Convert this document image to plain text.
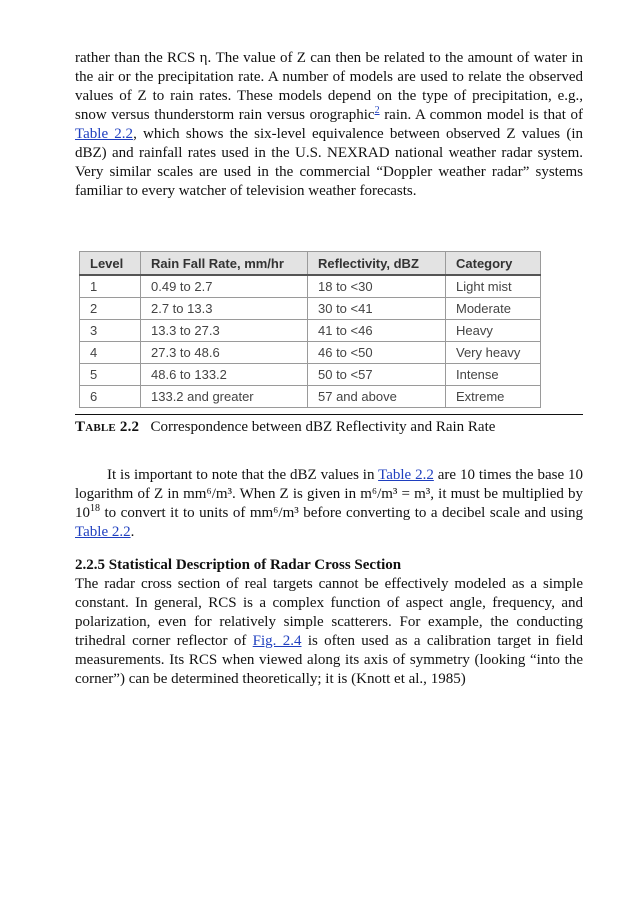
rather than the RCS η. The value of Z can then be related to the amount of water in the air or the precipitation rate. A number of models are used to relate the observed values of Z to rain rates. These models depend on the type of precipitation, e.g., snow versus thunderstorm rain versus orographic$^2$ rain. A common model is that of Table 2.2, which shows the six-level equivalence between observed Z values (in dBZ) and rainfall rates used in the U.S. NEXRAD national weather radar system. Very similar scales are used in the commercial “Doppler weather radar” systems familiar to every watcher of television weather forecasts.

Level	Rain Fall Rate, mm/hr	Reflectivity, dBZ	Category
1	0.49 to 2.7	18 to <30	Light mist
2	2.7 to 13.3	30 to <41	Moderate
3	13.3 to 27.3	41 to <46	Heavy
4	27.3 to 48.6	46 to <50	Very heavy
5	48.6 to 133.2	50 to <57	Intense
6	133.2 and greater	57 and above	Extreme
Table 2.2 Correspondence between dBZ Reflectivity and Rain Rate

It is important to note that the dBZ values in Table 2.2 are 10 times the base 10 logarithm of Z in mm⁶/m³. When Z is given in m⁶/m³ = m³, it must be multiplied by $10^{18}$ to convert it to units of mm⁶/m³ before converting to a decibel scale and using Table 2.2.

2.2.5 Statistical Description of Radar Cross Section

The radar cross section of real targets cannot be effectively modeled as a simple constant. In general, RCS is a complex function of aspect angle, frequency, and polarization, even for relatively simple scatterers. For example, the conducting trihedral corner reflector of Fig. 2.4 is often used as a calibration target in field measurements. Its RCS when viewed along its axis of symmetry (looking “into the corner”) can be determined theoretically; it is (Knott et al., 1985)
